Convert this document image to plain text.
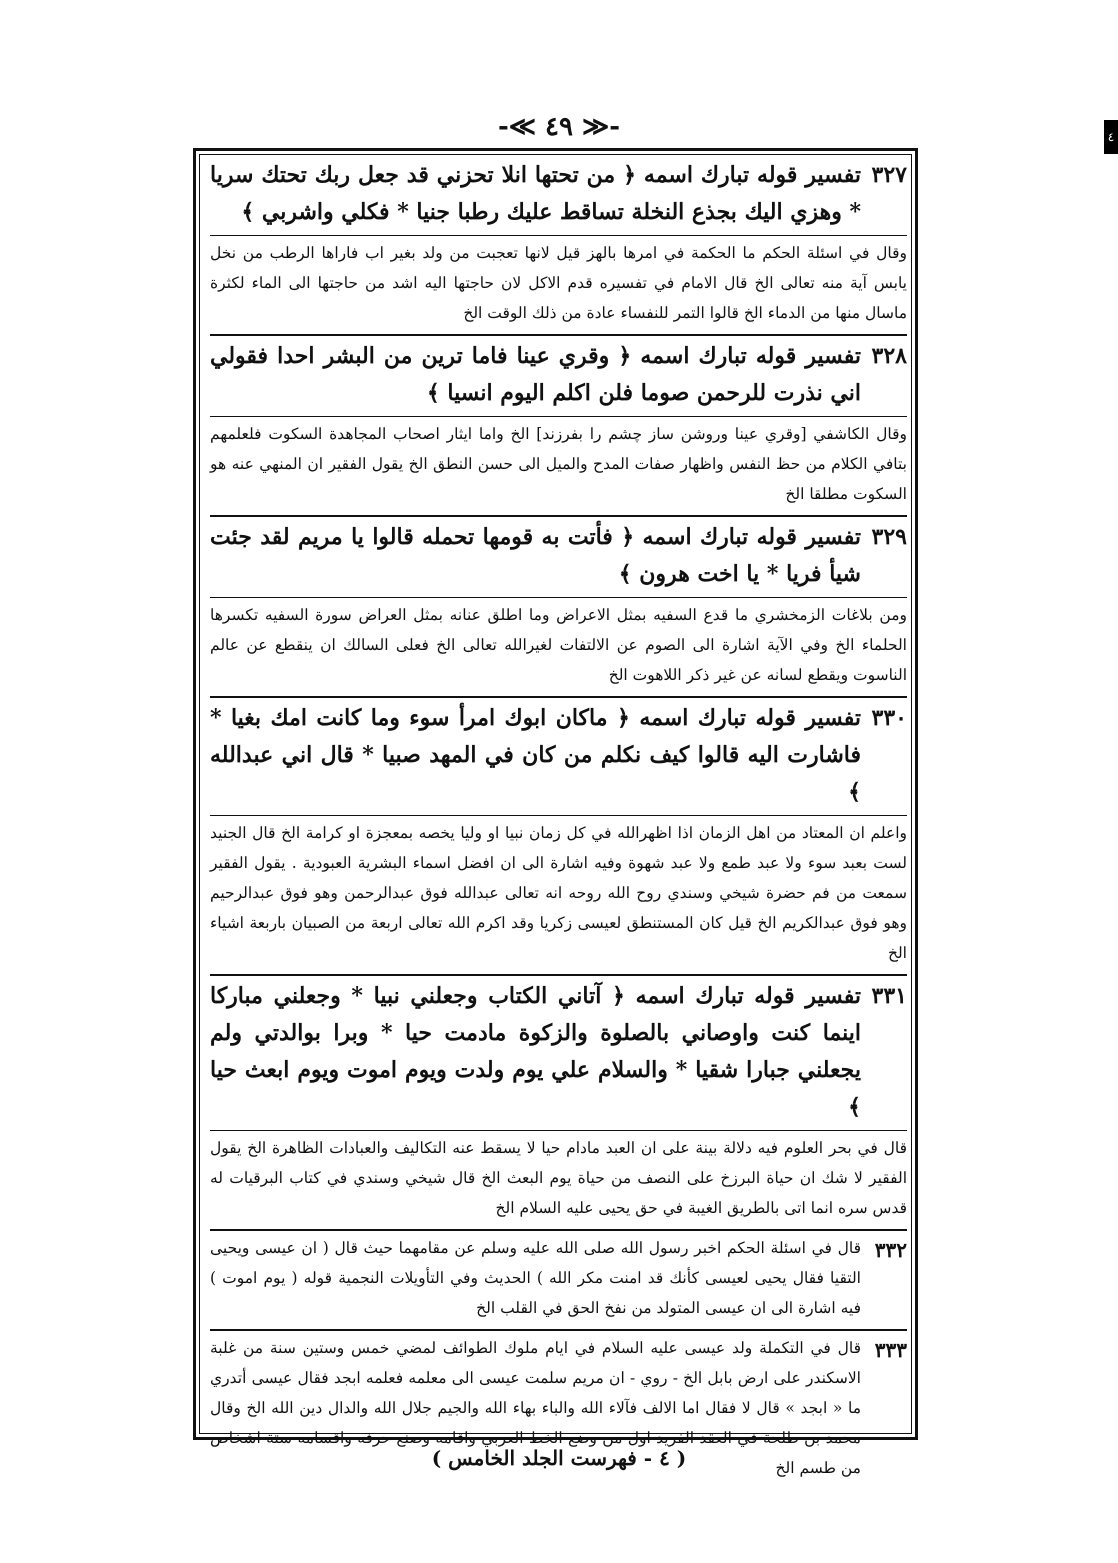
-≪ ٤٩ ≫-	٤
٣٢٧
تفسير قوله تبارك اسمه ﴿ من تحتها انلا تحزني قد جعل ربك تحتك سريا * وهزي اليك بجذع النخلة تساقط عليك رطبا جنيا * فكلي واشربي ﴾
وقال في اسئلة الحكم ما الحكمة في امرها بالهز قيل لانها تعجبت من ولد بغير اب فاراها الرطب من نخل يابس آية منه تعالى الخ قال الامام في تفسيره قدم الاكل لان حاجتها اليه اشد من حاجتها الى الماء لكثرة ماسال منها من الدماء الخ قالوا التمر للنفساء عادة من ذلك الوقت الخ
٣٢٨
تفسير قوله تبارك اسمه ﴿ وقري عينا فاما ترين من البشر احدا فقولي اني نذرت للرحمن صوما فلن اكلم اليوم انسيا ﴾
وقال الكاشفي [وقري عينا وروشن ساز چشم را بفرزند] الخ واما ايثار اصحاب المجاهدة السكوت فلعلمهم بتافي الكلام من حظ النفس واظهار صفات المدح والميل الى حسن النطق الخ يقول الفقير ان المنهي عنه هو السكوت مطلقا الخ
٣٢٩
تفسير قوله تبارك اسمه ﴿ فأتت به قومها تحمله قالوا يا مريم لقد جئت شيأ فريا * يا اخت هرون ﴾
ومن بلاغات الزمخشري ما قدع السفيه بمثل الاعراض وما اطلق عنانه بمثل العراض سورة السفيه تكسرها الحلماء الخ وفي الآية اشارة الى الصوم عن الالتفات لغيرالله تعالى الخ فعلى السالك ان ينقطع عن عالم الناسوت ويقطع لسانه عن غير ذكر اللاهوت الخ
٣٣٠
تفسير قوله تبارك اسمه ﴿ ماكان ابوك امرأ سوء وما كانت امك بغيا * فاشارت اليه قالوا كيف نكلم من كان في المهد صبيا * قال اني عبدالله ﴾
واعلم ان المعتاد من اهل الزمان اذا اظهرالله في كل زمان نبيا او وليا يخصه بمعجزة او كرامة الخ قال الجنيد لست بعبد سوء ولا عبد طمع ولا عبد شهوة وفيه اشارة الى ان افضل اسماء البشرية العبودية . يقول الفقير سمعت من فم حضرة شيخي وسندي روح الله روحه انه تعالى عبدالله فوق عبدالرحمن وهو فوق عبدالرحيم وهو فوق عبدالكريم الخ قيل كان المستنطق لعيسى زكريا وقد اكرم الله تعالى اربعة من الصبيان باربعة اشياء الخ
٣٣١
تفسير قوله تبارك اسمه ﴿ آتاني الكتاب وجعلني نبيا * وجعلني مباركا اينما كنت واوصاني بالصلوة والزكوة مادمت حيا * وبرا بوالدتي ولم يجعلني جبارا شقيا * والسلام علي يوم ولدت ويوم اموت ويوم ابعث حيا ﴾
قال في بحر العلوم فيه دلالة بينة على ان العبد مادام حيا لا يسقط عنه التكاليف والعبادات الظاهرة الخ يقول الفقير لا شك ان حياة البرزخ على النصف من حياة يوم البعث الخ قال شيخي وسندي في كتاب البرقيات له قدس سره انما اتى بالطريق الغيبة في حق يحيى عليه السلام الخ
٣٣٢
قال في اسئلة الحكم اخبر رسول الله صلى الله عليه وسلم عن مقامهما حيث قال ( ان عيسى ويحيى التقيا فقال يحيى لعيسى كأنك قد امنت مكر الله ) الحديث وفي التأويلات النجمية قوله ( يوم اموت ) فيه اشارة الى ان عيسى المتولد من نفخ الحق في القلب الخ
٣٣٣
قال في التكملة ولد عيسى عليه السلام في ايام ملوك الطوائف لمضي خمس وستين سنة من غلبة الاسكندر على ارض بابل الخ - روي - ان مريم سلمت عيسى الى معلمه فعلمه ابجد فقال عيسى أتدري ما « ابجد » قال لا فقال اما الالف فآلاء الله والباء بهاء الله والجيم جلال الله والدال دين الله الخ وقال محمد بن طلحة في العقد الفريد اول من وضع الخط العربي واقامه وصنع حرفه واقسامه ستة اشخاص من طسم الخ
( ٤ - فهرست الجلد الخامس )
